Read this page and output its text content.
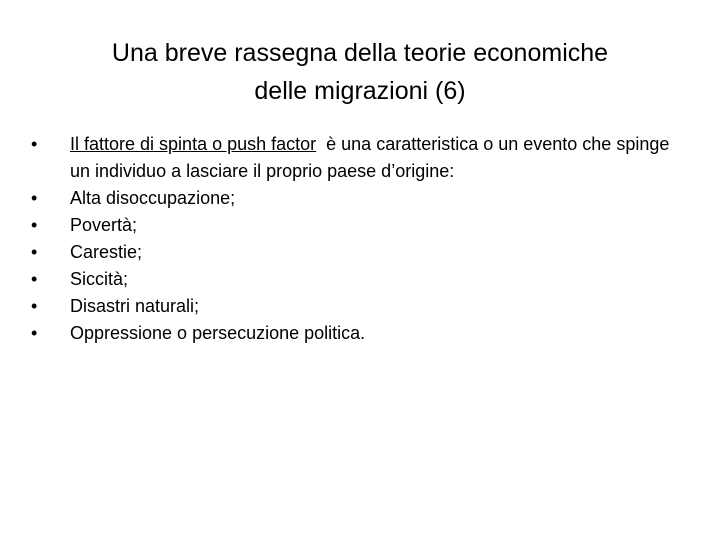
Una breve rassegna della teorie economiche
delle migrazioni (6)
•	Il fattore di spinta o push factor  è una caratteristica o un evento che spinge un individuo a lasciare il proprio paese d’origine:
•	Alta disoccupazione;
•	Povertà;
•	Carestie;
•	Siccità;
•	Disastri naturali;
•	Oppressione o persecuzione politica.
